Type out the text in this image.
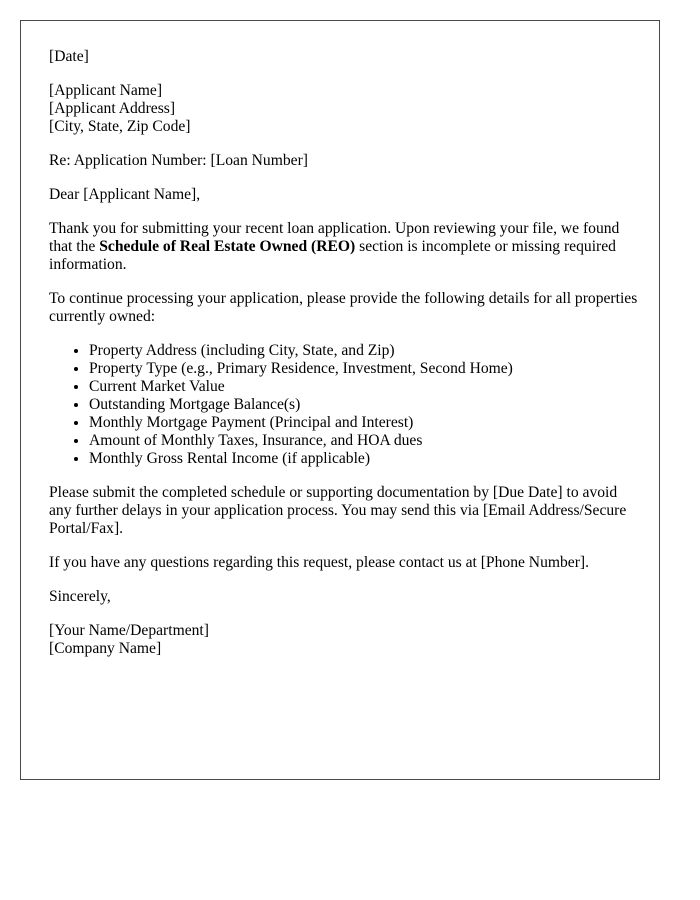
[Date]

[Applicant Name]
[Applicant Address]
[City, State, Zip Code]

Re: Application Number: [Loan Number]

Dear [Applicant Name],

Thank you for submitting your recent loan application. Upon reviewing your file, we found that the Schedule of Real Estate Owned (REO) section is incomplete or missing required information.

To continue processing your application, please provide the following details for all properties currently owned:

• Property Address (including City, State, and Zip)
• Property Type (e.g., Primary Residence, Investment, Second Home)
• Current Market Value
• Outstanding Mortgage Balance(s)
• Monthly Mortgage Payment (Principal and Interest)
• Amount of Monthly Taxes, Insurance, and HOA dues
• Monthly Gross Rental Income (if applicable)

Please submit the completed schedule or supporting documentation by [Due Date] to avoid any further delays in your application process. You may send this via [Email Address/Secure Portal/Fax].

If you have any questions regarding this request, please contact us at [Phone Number].

Sincerely,

[Your Name/Department]
[Company Name]
